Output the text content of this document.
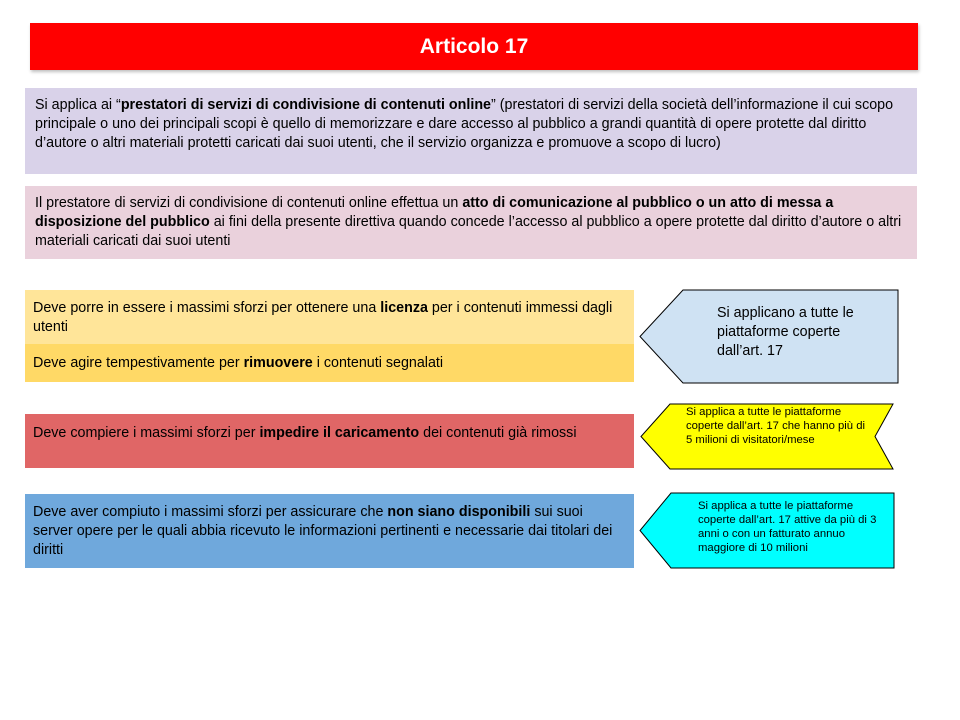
Articolo 17
Si applica ai “prestatori di servizi di condivisione di contenuti online” (prestatori di servizi della società dell’informazione il cui scopo principale o uno dei principali scopi è quello di memorizzare e dare accesso al pubblico a grandi quantità di opere protette dal diritto d’autore o altri materiali protetti caricati dai suoi utenti, che il servizio organizza e promuove a scopo di lucro)
Il prestatore di servizi di condivisione di contenuti online effettua un atto di comunicazione al pubblico o un atto di messa a disposizione del pubblico ai fini della presente direttiva quando concede l’accesso al pubblico a opere protette dal diritto d’autore o altri materiali caricati dai suoi utenti
Deve porre in essere i massimi sforzi per ottenere una licenza per i contenuti immessi dagli utenti
Deve agire tempestivamente per rimuovere i contenuti segnalati
Deve compiere i massimi sforzi per impedire il caricamento dei contenuti già rimossi
Deve aver compiuto i massimi sforzi per assicurare che non siano disponibili sui suoi server opere per le quali abbia ricevuto le informazioni pertinenti e necessarie dai titolari dei diritti
Si applicano a tutte le piattaforme coperte dall’art. 17
Si applica a tutte le piattaforme coperte dall’art. 17 che hanno più di 5 milioni di visitatori/mese
Si applica a tutte le piattaforme coperte dall’art. 17 attive da più di 3 anni o con un fatturato annuo maggiore di 10 milioni
